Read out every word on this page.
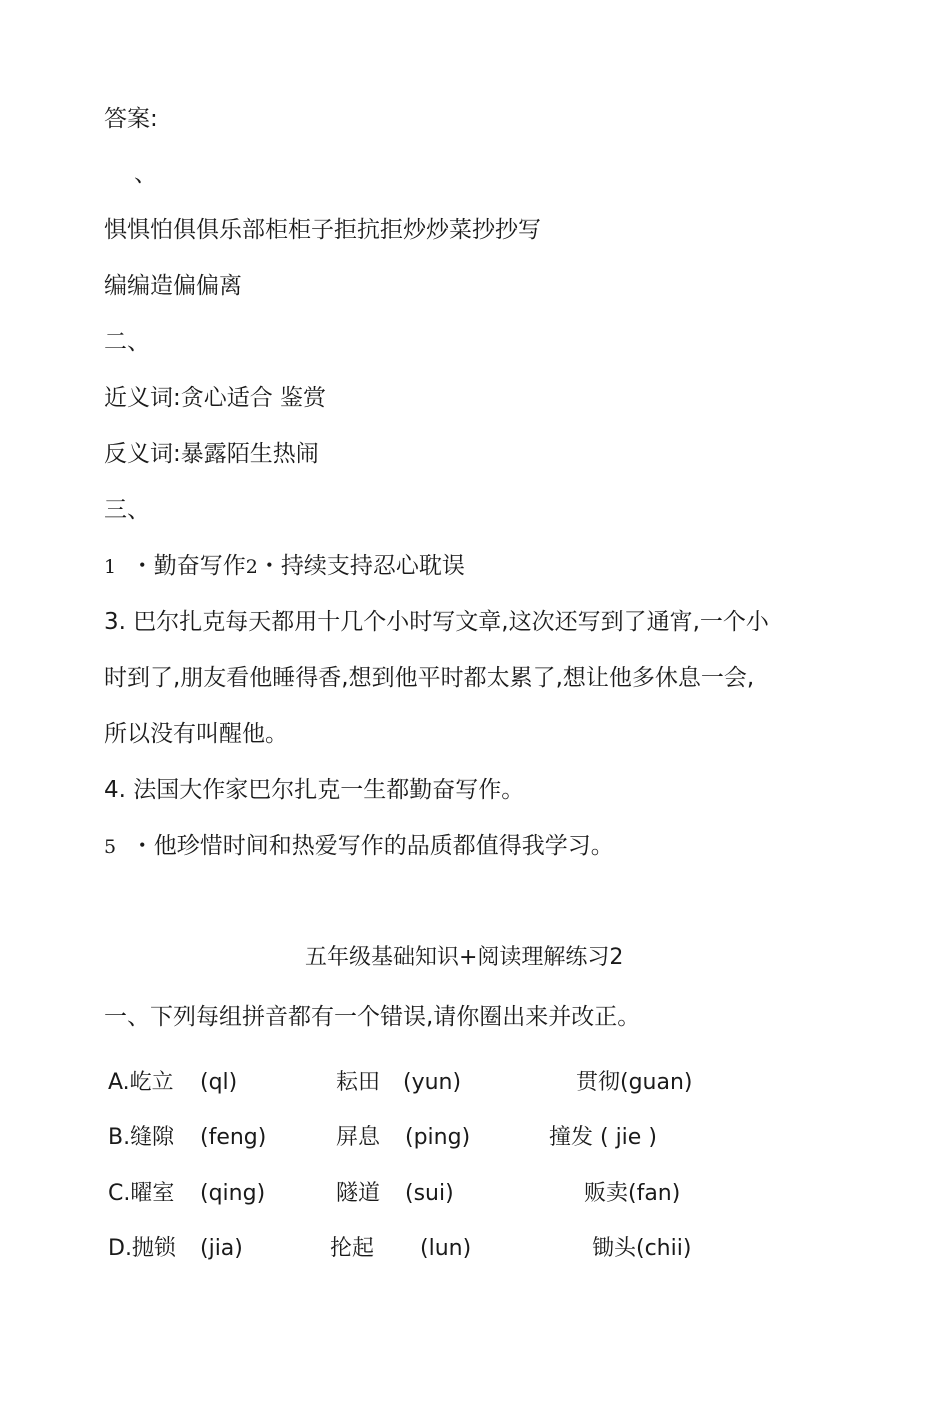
答案:
、
惧惧怕俱俱乐部柜柜子拒抗拒炒炒菜抄抄写
编编造偏偏离
二、
近义词:贪心适合 鉴赏
反义词:暴露陌生热闹
三、
1 ・勤奋写作2・持续支持忍心耽误
3. 巴尔扎克每天都用十几个小时写文章,这次还写到了通宵,一个小
时到了,朋友看他睡得香,想到他平时都太累了,想让他多休息一会,
所以没有叫醒他。
4. 法国大作家巴尔扎克一生都勤奋写作。
5 ・他珍惜时间和热爱写作的品质都值得我学习。
五年级基础知识+阅读理解练习2
一、下列每组拼音都有一个错误,请你圈出来并改正。
A.屹立 (ql)	耘田 (yun)	贯彻(guan)
B.缝隙 (feng)	屏息 (ping)	撞发 ( jie )
C.曜室 (qing)	隧道 (sui)	贩卖(fan)
D.抛锁 (jia)	抡起 (lun)	锄头(chii)
